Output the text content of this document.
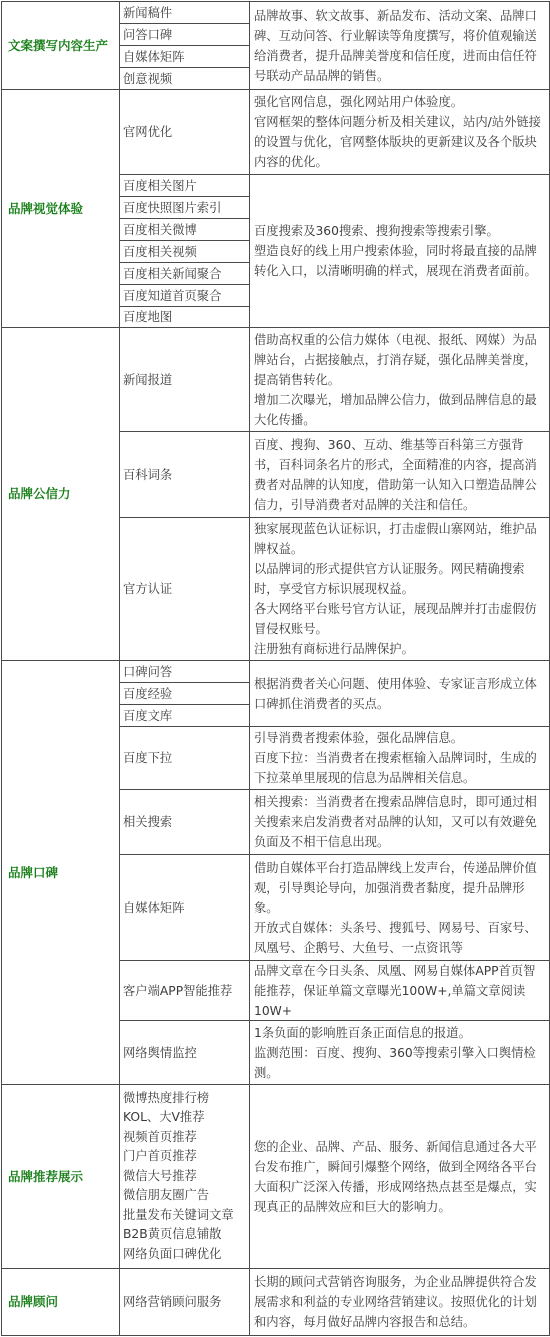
文案撰写内容生产
新闻稿件
问答口碑
自媒体矩阵
创意视频
品牌故事、软文故事、新品发布、活动文案、品牌口碑、互动问答、行业解读等角度撰写，将价值观输送给消费者，提升品牌美誉度和信任度，进而由信任符号联动产品品牌的销售。
品牌视觉体验
官网优化
强化官网信息，强化网站用户体验度。
官网框架的整体问题分析及相关建议，站内/站外链接的设置与优化，官网整体版块的更新建议及各个版块内容的优化。
百度相关图片
百度快照图片索引
百度相关微博
百度相关视频
百度相关新闻聚合
百度知道首页聚合
百度地图
百度搜索及360搜索、搜狗搜索等搜索引擎。
塑造良好的线上用户搜索体验，同时将最直接的品牌转化入口，以清晰明确的样式，展现在消费者面前。
品牌公信力
新闻报道
借助高权重的公信力媒体（电视、报纸、网媒）为品牌站台，占据接触点，打消存疑，强化品牌美誉度，提高销售转化。
增加二次曝光，增加品牌公信力，做到品牌信息的最大化传播。
百科词条
百度、搜狗、360、互动、维基等百科第三方强背书，百科词条名片的形式，全面精准的内容，提高消费者对品牌的认知度，借助第一认知入口塑造品牌公信力，引导消费者对品牌的关注和信任。
官方认证
独家展现蓝色认证标识，打击虚假山寨网站，维护品牌权益。
以品牌词的形式提供官方认证服务。网民精确搜索时，享受官方标识展现权益。
各大网络平台账号官方认证，展现品牌并打击虚假仿冒侵权账号。
注册独有商标进行品牌保护。
品牌口碑
口碑问答
百度经验
百度文库
根据消费者关心问题、使用体验、专家证言形成立体口碑抓住消费者的买点。
百度下拉
引导消费者搜索体验，强化品牌信息。
百度下拉：当消费者在搜索框输入品牌词时，生成的下拉菜单里展现的信息为品牌相关信息。
相关搜索
相关搜索：当消费者在搜索品牌信息时，即可通过相关搜索来启发消费者对品牌的认知，又可以有效避免负面及不相干信息出现。
自媒体矩阵
借助自媒体平台打造品牌线上发声台，传递品牌价值观，引导舆论导向，加强消费者黏度，提升品牌形象。
开放式自媒体：头条号、搜狐号、网易号、百家号、凤凰号、企鹅号、大鱼号、一点资讯等
客户端APP智能推荐
品牌文章在今日头条、凤凰、网易自媒体APP首页智能推荐，保证单篇文章曝光100W+,单篇文章阅读10W+
网络舆情监控
1条负面的影响胜百条正面信息的报道。
监测范围：百度、搜狗、360等搜索引擎入口舆情检测。
品牌推荐展示
微博热度排行榜
KOL、大V推荐
视频首页推荐
门户首页推荐
微信大号推荐
微信朋友圈广告
批量发布关键词文章
B2B黄页信息铺散
网络负面口碑优化
您的企业、品牌、产品、服务、新闻信息通过各大平台发布推广，瞬间引爆整个网络，做到全网络各平台大面积广泛深入传播，形成网络热点甚至是爆点，实现真正的品牌效应和巨大的影响力。
品牌顾问	网络营销顾问服务
长期的顾问式营销咨询服务，为企业品牌提供符合发展需求和利益的专业网络营销建议。按照优化的计划和内容，每月做好品牌内容报告和总结。
